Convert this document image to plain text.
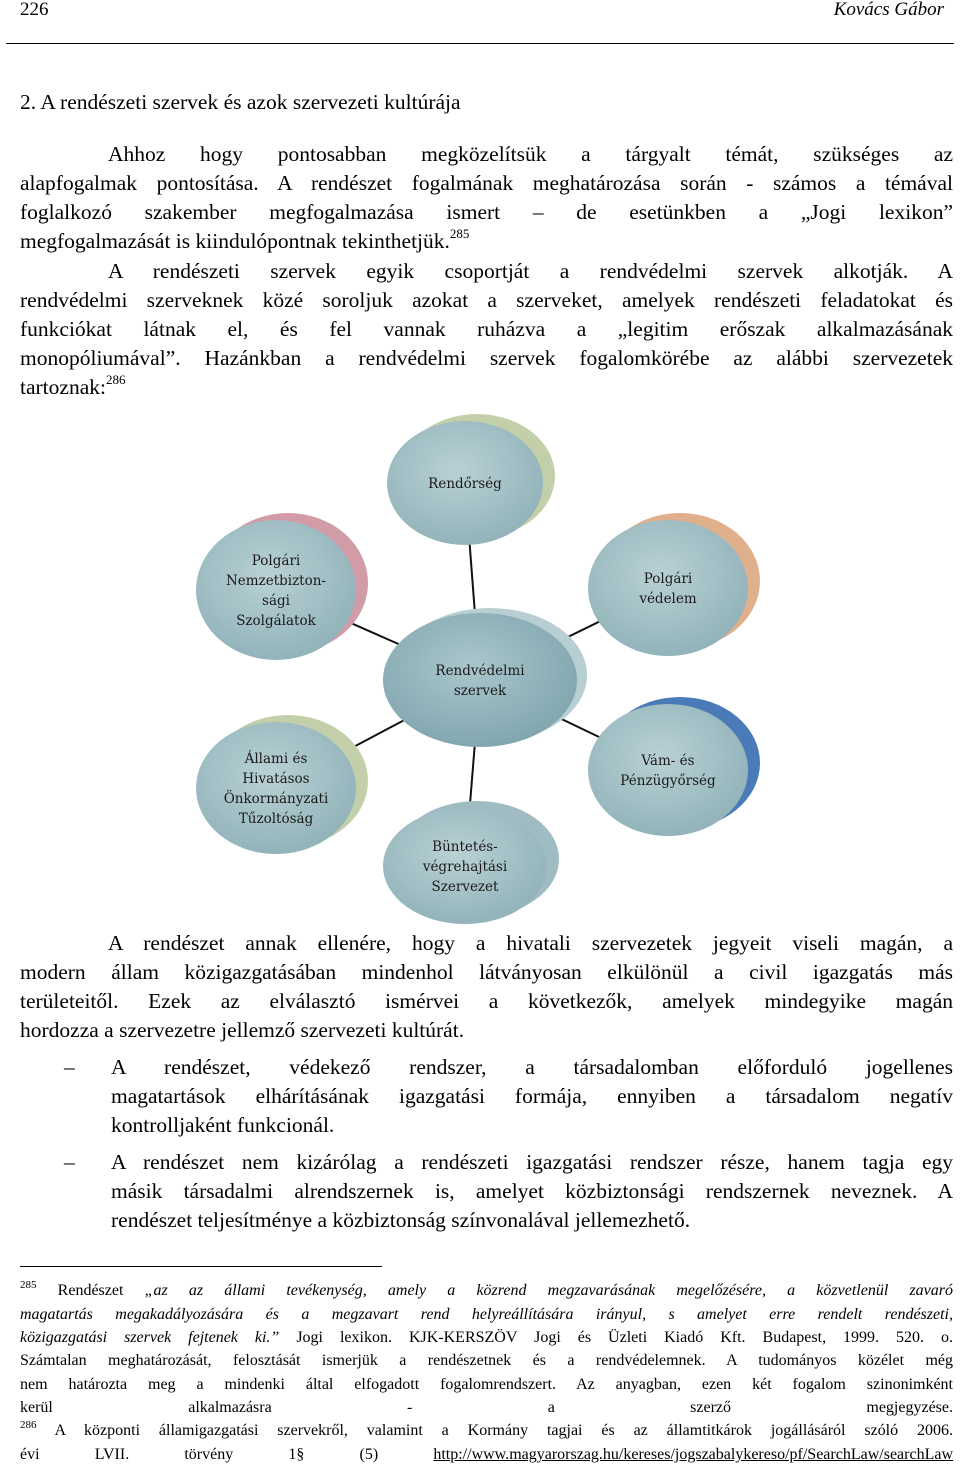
226	Kovács Gábor
2. A rendészeti szervek és azok szervezeti kultúrája
Ahhoz hogy pontosabban megközelítsük a tárgyalt témát, szükséges az
alapfogalmak pontosítása. A rendészet fogalmának meghatározása során - számos a témával
foglalkozó szakember megfogalmazása ismert – de esetünkben a „Jogi lexikon”
megfogalmazását is kiindulópontnak tekinthetjük.$^{285}$
A rendészeti szervek egyik csoportját a rendvédelmi szervek alkotják. A
rendvédelmi szerveknek közé soroljuk azokat a szerveket, amelyek rendészeti feladatokat és
funkciókat látnak el, és fel vannak ruházva a „legitim erőszak alkalmazásának
monopóliumával”. Hazánkban a rendvédelmi szervek fogalomkörébe az alábbi szervezetek
tartoznak:$^{286}$
Rendőrség
Polgári
védelem
Vám- és
Pénzügyőrség
Büntetés-
végrehajtási
Szervezet
Állami és
Hivatásos
Önkormányzati
Tűzoltóság
Polgári
Nemzetbizton-
sági
Szolgálatok
Rendvédelmi
szervek
A rendészet annak ellenére, hogy a hivatali szervezetek jegyeit viseli magán, a
modern állam közigazgatásában mindenhol látványosan elkülönül a civil igazgatás más
területeitől. Ezek az elválasztó ismérvei a következők, amelyek mindegyike magán
hordozza a szervezetre jellemző szervezeti kultúrát.
– A rendészet, védekező rendszer, a társadalomban előforduló jogellenes
magatartások elhárításának igazgatási formája, ennyiben a társadalom negatív
kontrolljaként funkcionál.
– A rendészet nem kizárólag a rendészeti igazgatási rendszer része, hanem tagja egy
másik társadalmi alrendszernek is, amelyet közbiztonsági rendszernek neveznek. A
rendészet teljesítménye a közbiztonság színvonalával jellemezhető.
$^{285}$ Rendészet „az az állami tevékenység, amely a közrend megzavarásának megelőzésére, a közvetlenül zavaró
magatartás megakadályozására és a megzavart rend helyreállítására irányul, s amelyet erre rendelt rendészeti,
közigazgatási szervek fejtenek ki.” Jogi lexikon. KJK-KERSZÖV Jogi és Üzleti Kiadó Kft. Budapest, 1999. 520. o.
Számtalan meghatározását, felosztását ismerjük a rendészetnek és a rendvédelemnek. A tudományos közélet még
nem határozta meg a mindenki által elfogadott fogalomrendszert. Az anyagban, ezen két fogalom szinonimként
kerül alkalmazásra - a szerző megjegyzése.
$^{286}$ A központi államigazgatási szervekről, valamint a Kormány tagjai és az államtitkárok jogállásáról szóló 2006.
évi LVII. törvény 1§ (5) http://www.magyarorszag.hu/kereses/jogszabalykereso/pf/SearchLaw/searchLaw
